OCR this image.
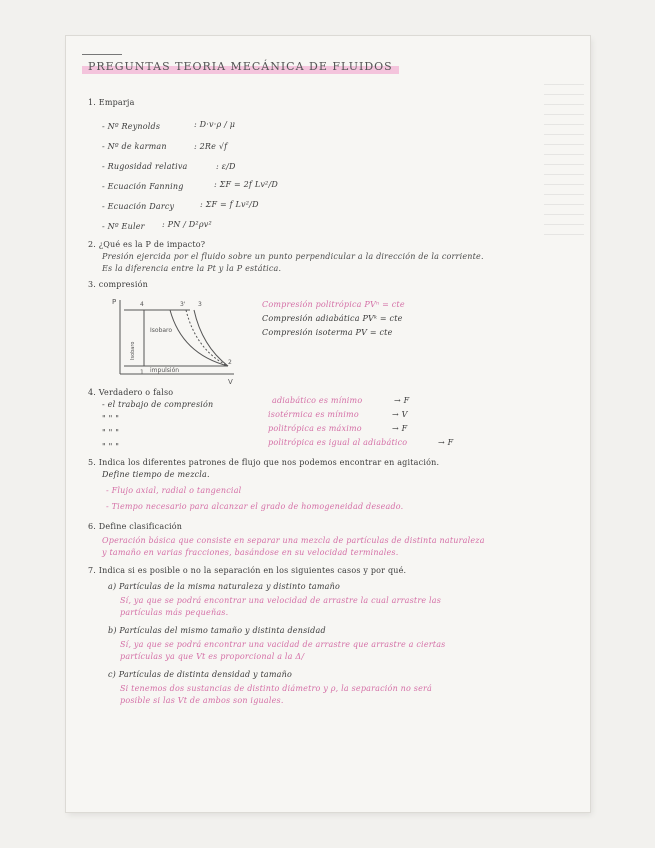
PREGUNTAS TEORIA MECÁNICA DE FLUIDOS
1. Emparja
- Nº Reynolds	: D·v·ρ / μ
- Nº de karman	: 2Re √f
- Rugosidad relativa	: ε/D
- Ecuación Fanning	: ΣF = 2f Lv²/D
- Ecuación Darcy	: ΣF = f Lv²/D
- Nº Euler : PN / D²ρv²
2. ¿Qué es la P de impacto?
Presión ejercida por el fluido sobre un punto perpendicular a la dirección de la corriente.
Es la diferencia entre la Pt y la P estática.
3. compresión
P
V
4	3' 3
1
2
Isobaro
Isobaro
impulsión
Compresión politrópica PVⁿ = cte
Compresión adiabática PVᵏ = cte
Compresión isoterma PV = cte
4. Verdadero o falso
- el trabajo de compresión	adiabático es mínimo	→ F
" " "	isotérmica es mínimo	→ V
" " "	politrópica es máximo	→ F
" " "	politrópica es igual al adiabático	→ F
5. Indica los diferentes patrones de flujo que nos podemos encontrar en agitación.
Define tiempo de mezcla.
- Flujo axial, radial o tangencial
- Tiempo necesario para alcanzar el grado de homogeneidad deseado.
6. Define clasificación
Operación básica que consiste en separar una mezcla de partículas de distinta naturaleza
y tamaño en varias fracciones, basándose en su velocidad terminales.
7. Indica si es posible o no la separación en los siguientes casos y por qué.
a) Partículas de la misma naturaleza y distinto tamaño
Sí, ya que se podrá encontrar una velocidad de arrastre la cual arrastre las
partículas más pequeñas.
b) Partículas del mismo tamaño y distinta densidad
Sí, ya que se podrá encontrar una vacidad de arrastre que arrastre a ciertas
partículas ya que Vt es proporcional a la Δ/
c) Partículas de distinta densidad y tamaño
Si tenemos dos sustancias de distinto diámetro y ρ, la separación no será
posible si las Vt de ambos son iguales.
